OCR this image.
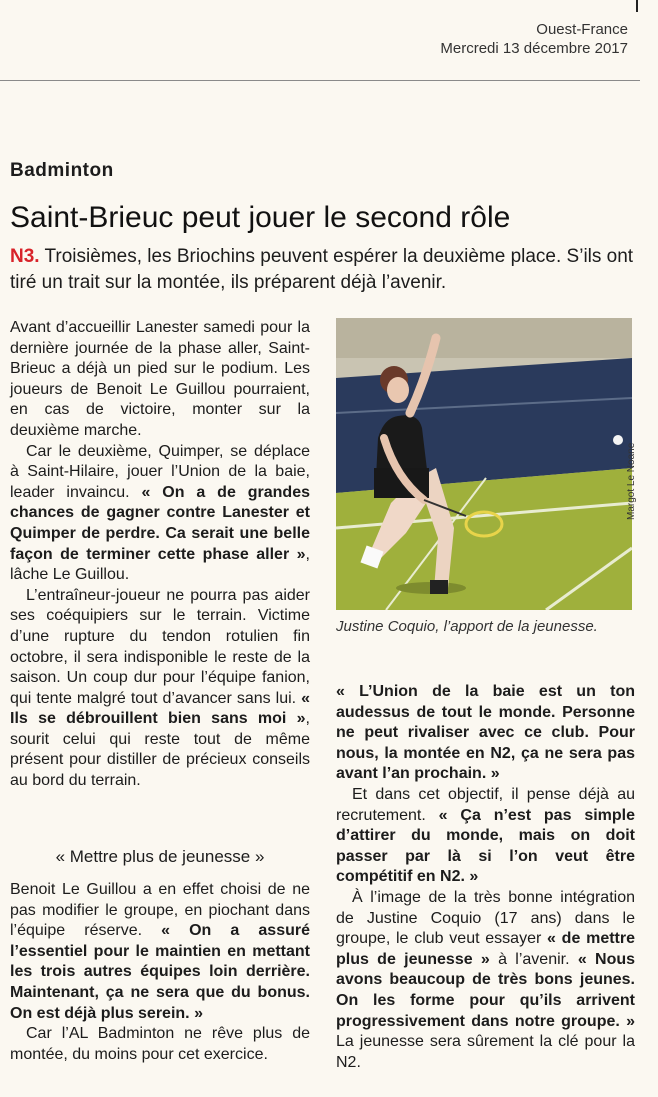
Ouest-France
Mercredi 13 décembre 2017
Badminton
Saint-Brieuc peut jouer le second rôle
N3. Troisièmes, les Briochins peuvent espérer la deuxième place. S’ils ont tiré un trait sur la montée, ils préparent déjà l’avenir.

Avant d’accueillir Lanester samedi pour la dernière journée de la phase aller, Saint-Brieuc a déjà un pied sur le podium. Les joueurs de Benoit Le Guillou pourraient, en cas de victoire, monter sur la deuxième marche.

Car le deuxième, Quimper, se déplace à Saint-Hilaire, jouer l’Union de la baie, leader invaincu. « On a de grandes chances de gagner contre Lanester et Quimper de perdre. Ca serait une belle façon de terminer cette phase aller », lâche Le Guillou.

L’entraîneur-joueur ne pourra pas aider ses coéquipiers sur le terrain. Victime d’une rupture du tendon rotulien fin octobre, il sera indisponible le reste de la saison. Un coup dur pour l’équipe fanion, qui tente malgré tout d’avancer sans lui. « Ils se débrouillent bien sans moi », sourit celui qui reste tout de même présent pour distiller de précieux conseils au bord du terrain.

« Mettre plus de jeunesse »

Benoit Le Guillou a en effet choisi de ne pas modifier le groupe, en piochant dans l’équipe réserve. « On a assuré l’essentiel pour le maintien en mettant les trois autres équipes loin derrière. Maintenant, ça ne sera que du bonus. On est déjà plus serein. »

Car l’AL Badminton ne rêve plus de montée, du moins pour cet exercice.

Margot Le Noane
Justine Coquio, l’apport de la jeunesse.

« L’Union de la baie est un ton audessus de tout le monde. Personne ne peut rivaliser avec ce club. Pour nous, la montée en N2, ça ne sera pas avant l’an prochain. »

Et dans cet objectif, il pense déjà au recrutement. « Ça n’est pas simple d’attirer du monde, mais on doit passer par là si l’on veut être compétitif en N2. »

À l’image de la très bonne intégration de Justine Coquio (17 ans) dans le groupe, le club veut essayer « de mettre plus de jeunesse » à l’avenir. « Nous avons beaucoup de très bons jeunes. On les forme pour qu’ils arrivent progressivement dans notre groupe. » La jeunesse sera sûrement la clé pour la N2.
